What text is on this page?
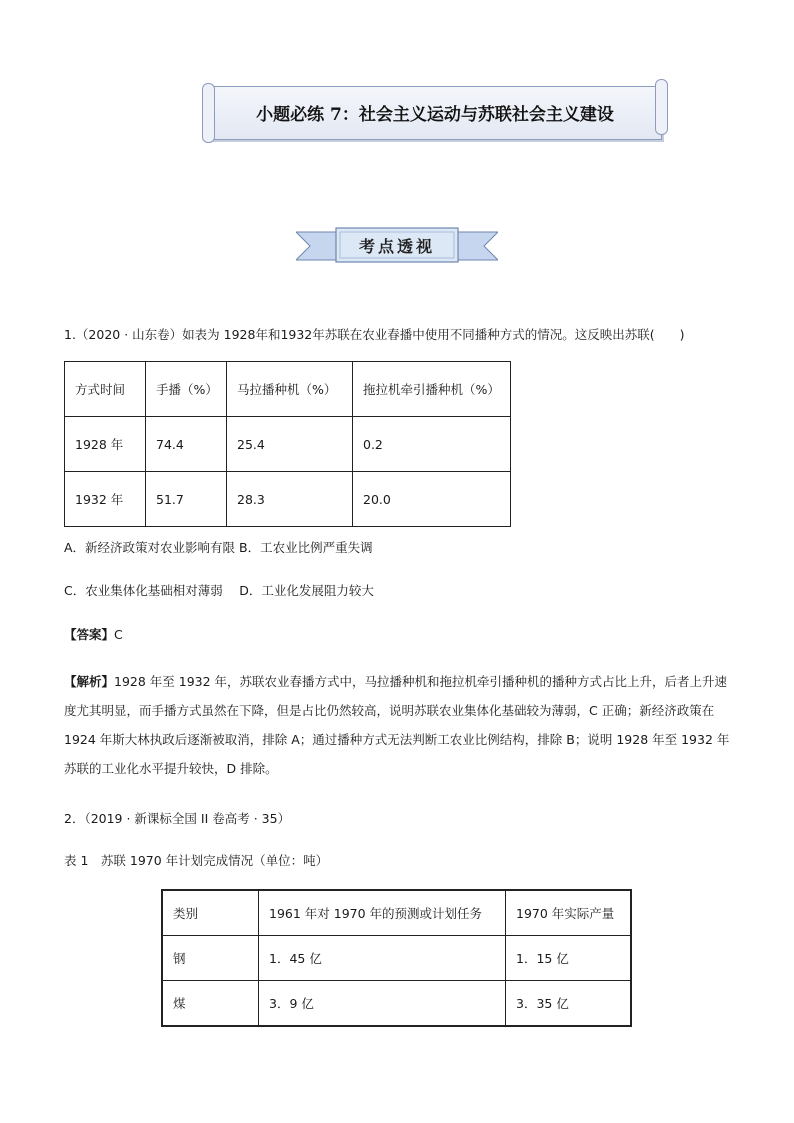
小题必练 7：社会主义运动与苏联社会主义建设
考点透视
1.（2020 · 山东卷）如表为 1928年和1932年苏联在农业春播中使用不同播种方式的情况。这反映出苏联(　　)
方式时间	手播（%）	马拉播种机（%）	拖拉机牵引播种机（%）
1928 年	74.4	25.4	0.2
1932 年	51.7	28.3	20.0
A．新经济政策对农业影响有限 B．工农业比例严重失调
C．农业集体化基础相对薄弱　 D．工业化发展阻力较大
【答案】C
【解析】1928 年至 1932 年，苏联农业春播方式中，马拉播种机和拖拉机牵引播种机的播种方式占比上升，后者上升速度尤其明显，而手播方式虽然在下降，但是占比仍然较高，说明苏联农业集体化基础较为薄弱，C 正确；新经济政策在 1924 年斯大林执政后逐渐被取消，排除 A；通过播种方式无法判断工农业比例结构，排除 B；说明 1928 年至 1932 年苏联的工业化水平提升较快，D 排除。
2．（2019 · 新课标全国 II 卷高考 · 35）
表 1　苏联 1970 年计划完成情况（单位：吨）
类别	1961 年对 1970 年的预测或计划任务	1970 年实际产量
钢	1．45 亿	1．15 亿
煤	3．9 亿	3．35 亿
